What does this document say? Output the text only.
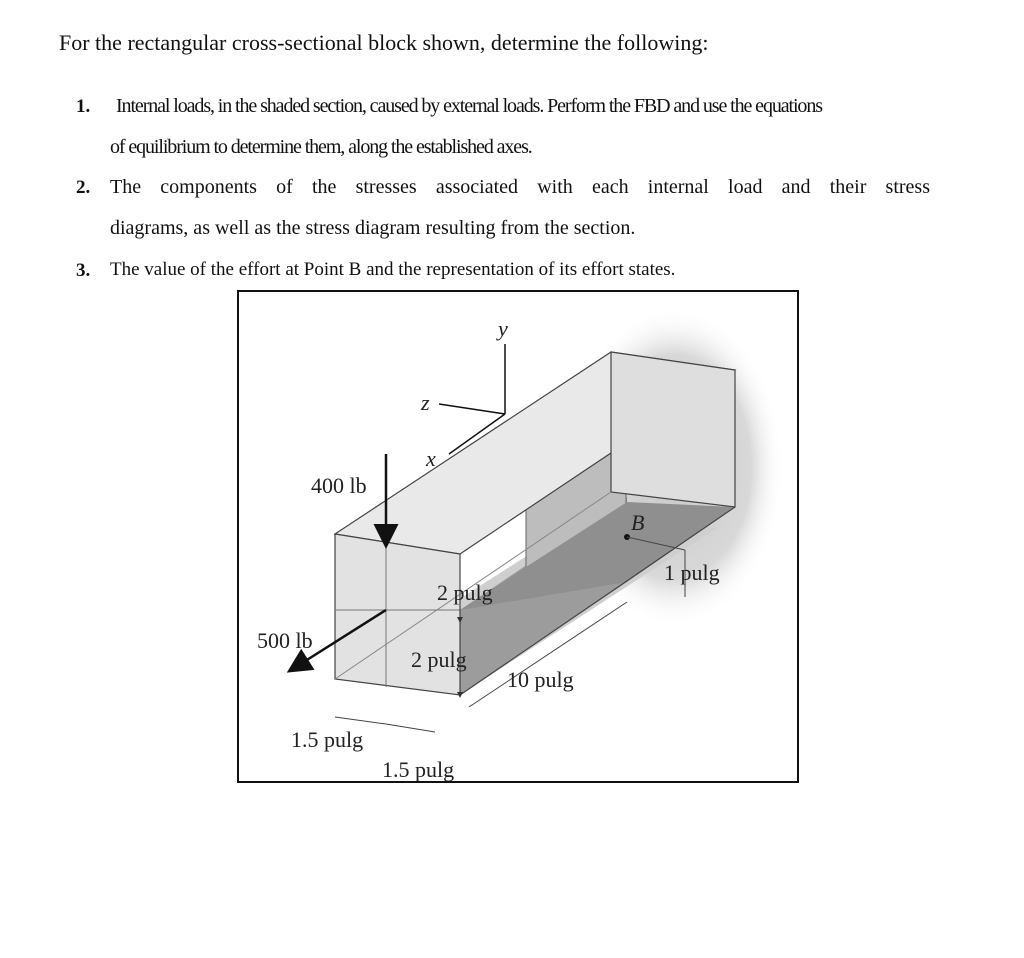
For the rectangular cross-sectional block shown, determine the following:

1. Internal loads, in the shaded section, caused by external loads. Perform the FBD and use the equations
of equilibrium to determine them, along the established axes.
2. The components of the stresses associated with each internal load and their stress
diagrams, as well as the stress diagram resulting from the section.
3. The value of the effort at Point B and the representation of its effort states.
y
z
x
400 lb
500 lb
B
2 pulg
2 pulg
10 pulg
1 pulg
1.5 pulg
1.5 pulg
